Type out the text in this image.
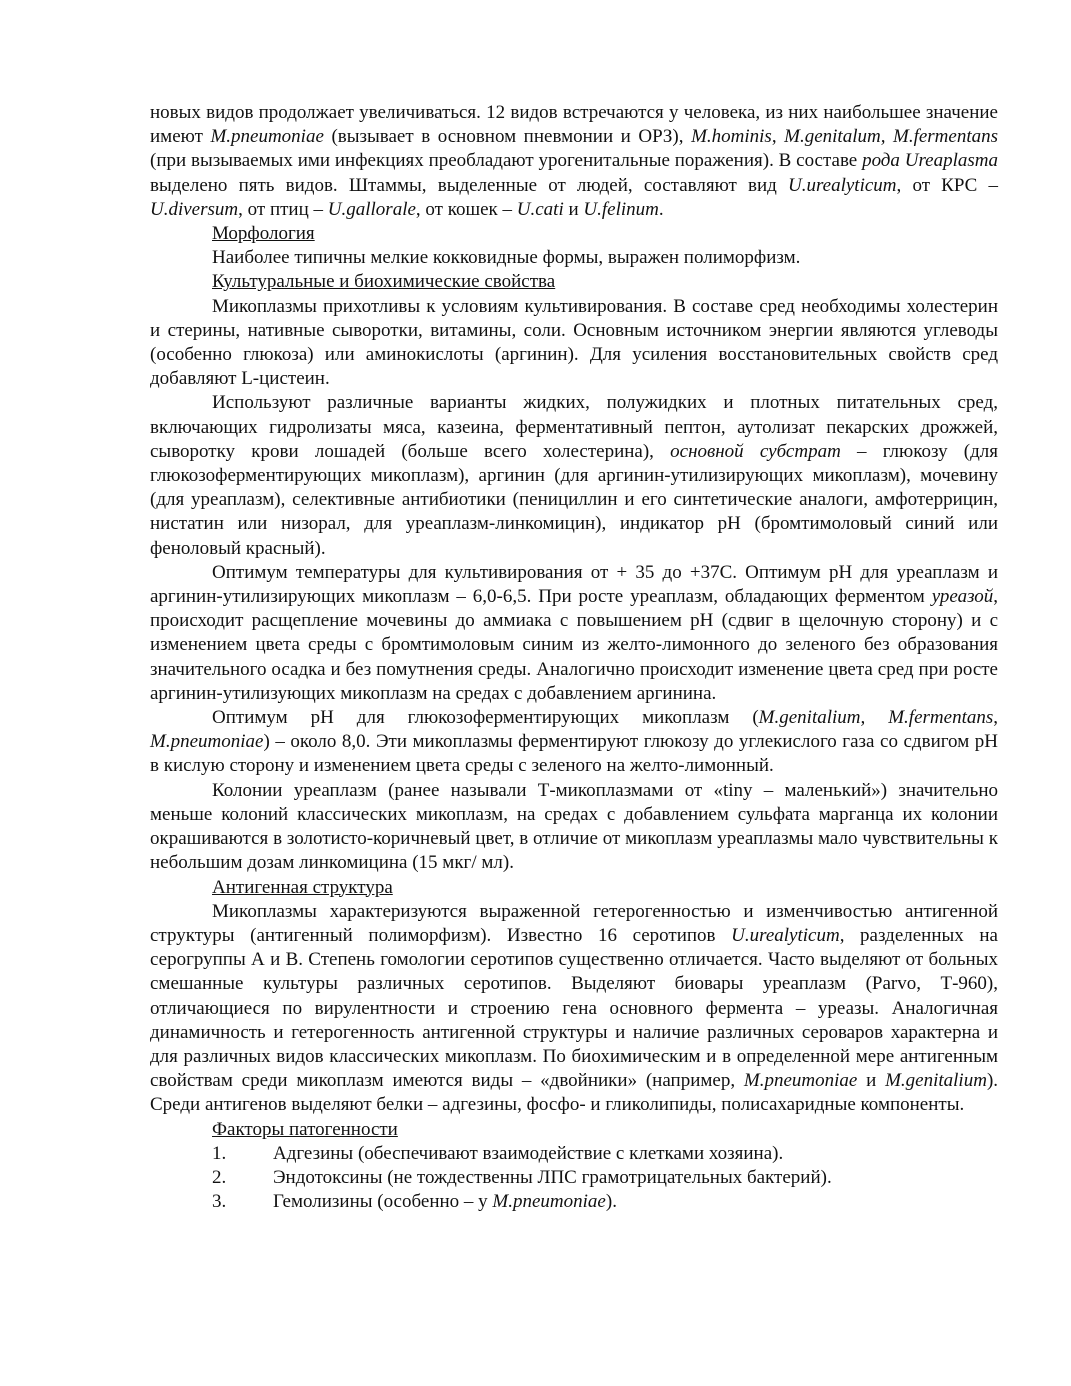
новых видов продолжает увеличиваться. 12 видов встречаются у человека, из них наибольшее значение имеют M.pneumoniae (вызывает в основном пневмонии и ОРЗ), M.hominis, M.genitalum, M.fermentans (при вызываемых ими инфекциях преобладают урогенитальные поражения). В составе рода Ureaplasma выделено пять видов. Штаммы, выделенные от людей, составляют вид U.urealyticum, от КРС – U.diversum, от птиц – U.gallorale, от кошек – U.cati и U.felinum.

Морфология

Наиболее типичны мелкие кокковидные формы, выражен полиморфизм.

Культуральные и биохимические свойства

Микоплазмы прихотливы к условиям культивирования. В составе сред необходимы холестерин и стерины, нативные сыворотки, витамины, соли. Основным источником энергии являются углеводы (особенно глюкоза) или аминокислоты (аргинин). Для усиления восстановительных свойств сред добавляют L-цистеин.

Используют различные варианты жидких, полужидких и плотных питательных сред, включающих гидролизаты мяса, казеина, ферментативный пептон, аутолизат пекарских дрожжей, сыворотку крови лошадей (больше всего холестерина), основной субстрат – глюкозу (для глюкозоферментирующих микоплазм), аргинин (для аргинин-утилизирующих микоплазм), мочевину (для уреаплазм), селективные антибиотики (пенициллин и его синтетические аналоги, амфотеррицин, нистатин или низорал, для уреаплазм-линкомицин), индикатор pH (бромтимоловый синий или феноловый красный).

Оптимум температуры для культивирования от + 35 до +37С. Оптимум pH для уреаплазм и аргинин-утилизирующих микоплазм – 6,0-6,5. При росте уреаплазм, обладающих ферментом уреазой, происходит расщепление мочевины до аммиака с повышением pH (сдвиг в щелочную сторону) и с изменением цвета среды с бромтимоловым синим из желто-лимонного до зеленого без образования значительного осадка и без помутнения среды. Аналогично происходит изменение цвета сред при росте аргинин-утилизующих микоплазм на средах с добавлением аргинина.

Оптимум pH для глюкозоферментирующих микоплазм (M.genitalium, M.fermentans, M.pneumoniae) – около 8,0. Эти микоплазмы ферментируют глюкозу до углекислого газа со сдвигом pH в кислую сторону и изменением цвета среды с зеленого на желто-лимонный.

Колонии уреаплазм (ранее называли Т-микоплазмами от «tiny – маленький») значительно меньше колоний классических микоплазм, на средах с добавлением сульфата марганца их колонии окрашиваются в золотисто-коричневый цвет, в отличие от микоплазм уреаплазмы мало чувствительны к небольшим дозам линкомицина (15 мкг/ мл).

Антигенная структура

Микоплазмы характеризуются выраженной гетерогенностью и изменчивостью антигенной структуры (антигенный полиморфизм). Известно 16 серотипов U.urealyticum, разделенных на серогруппы А и В. Степень гомологии серотипов существенно отличается. Часто выделяют от больных смешанные культуры различных серотипов. Выделяют биовары уреаплазм (Parvo, Т-960), отличающиеся по вирулентности и строению гена основного фермента – уреазы. Аналогичная динамичность и гетерогенность антигенной структуры и наличие различных сероваров характерна и для различных видов классических микоплазм. По биохимическим и в определенной мере антигенным свойствам среди микоплазм имеются виды – «двойники» (например, M.pneumoniae и M.genitalium). Среди антигенов выделяют белки – адгезины, фосфо- и гликолипиды, полисахаридные компоненты.

Факторы патогенности

1. Адгезины (обеспечивают взаимодействие с клетками хозяина).

2. Эндотоксины (не тождественны ЛПС грамотрицательных бактерий).

3. Гемолизины (особенно – у M.pneumoniae).
